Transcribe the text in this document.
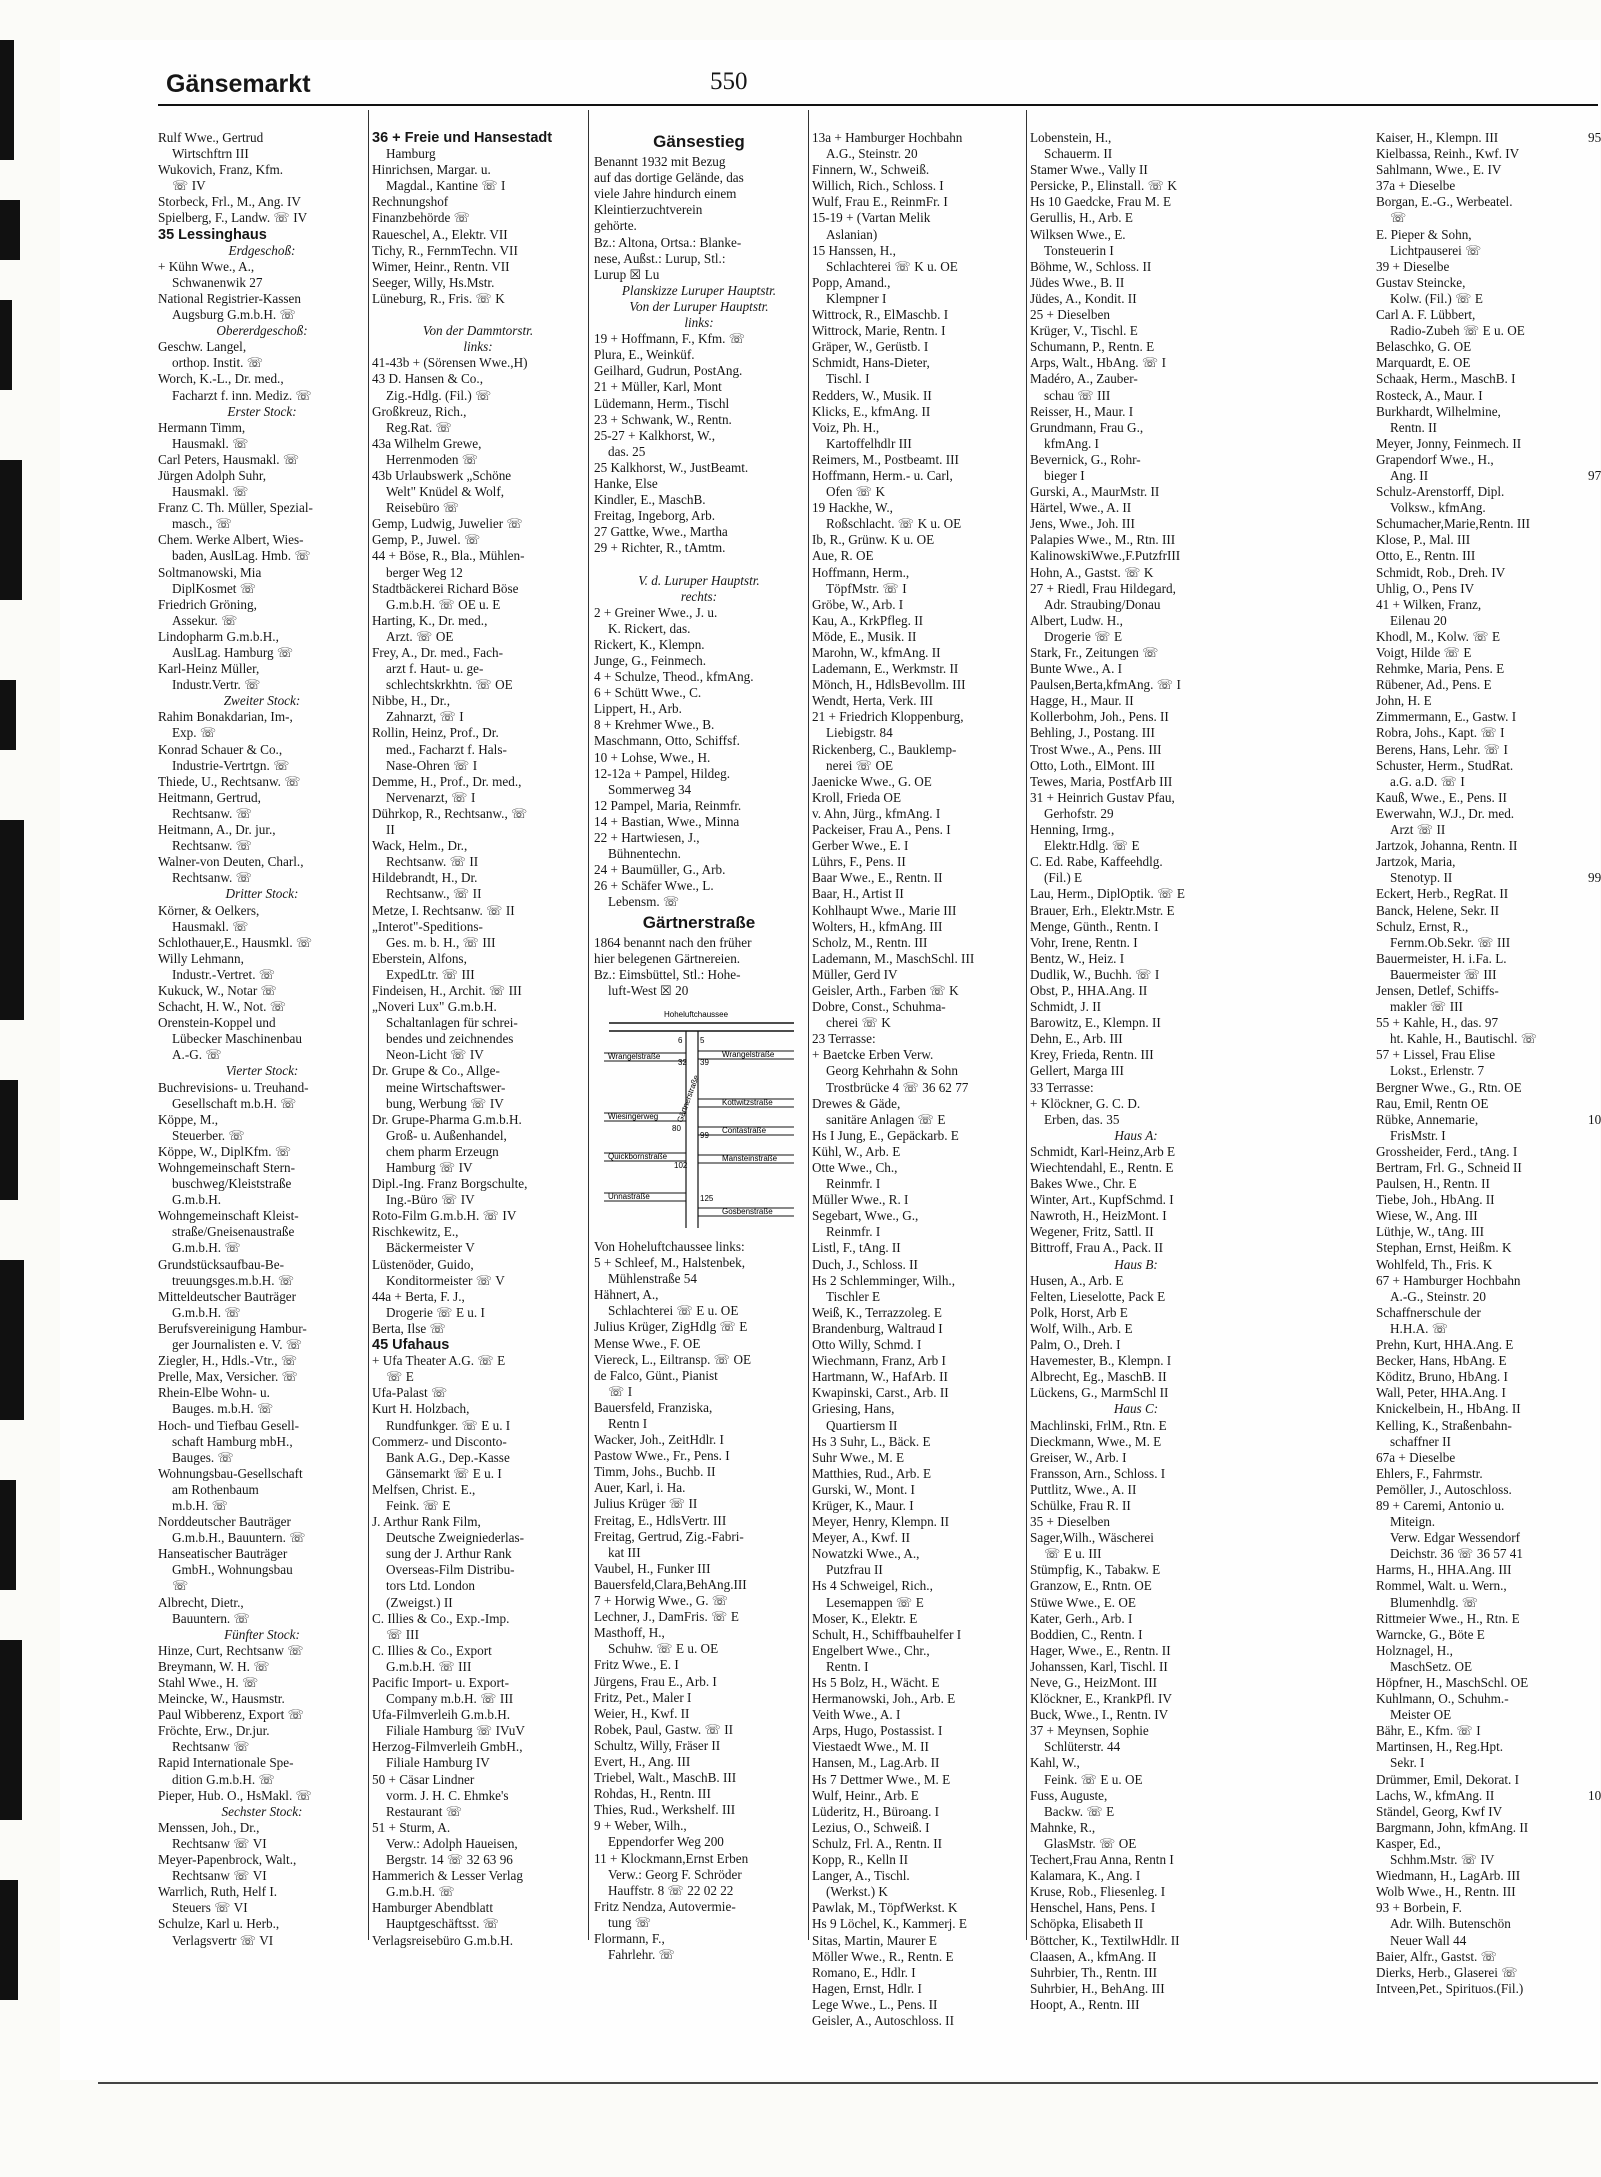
Gänsemarkt	550
Rulf Wwe., Gertrud
Wirtschftrn III
Wukovich, Franz, Kfm.
☏ IV
Storbeck, Frl., M., Ang. IV
Spielberg, F., Landw. ☏ IV
35 Lessinghaus
Erdgeschoß:
+ Kühn Wwe., A.,
Schwanenwik 27
National Registrier-Kassen
Augsburg G.m.b.H. ☏
Obererdgeschoß:
Geschw. Langel,
orthop. Instit. ☏
Worch, K.-L., Dr. med.,
Facharzt f. inn. Mediz. ☏
Erster Stock:
Hermann Timm,
Hausmakl. ☏
Carl Peters, Hausmakl. ☏
Jürgen Adolph Suhr,
Hausmakl. ☏
Franz C. Th. Müller, Spezial-
masch., ☏
Chem. Werke Albert, Wies-
baden, AuslLag. Hmb. ☏
Soltmanowski, Mia
DiplKosmet ☏
Friedrich Gröning,
Assekur. ☏
Lindopharm G.m.b.H.,
AuslLag. Hamburg ☏
Karl-Heinz Müller,
Industr.Vertr. ☏
Zweiter Stock:
Rahim Bonakdarian, Im-,
Exp. ☏
Konrad Schauer & Co.,
Industrie-Vertrtgn. ☏
Thiede, U., Rechtsanw. ☏
Heitmann, Gertrud,
Rechtsanw. ☏
Heitmann, A., Dr. jur.,
Rechtsanw. ☏
Walner-von Deuten, Charl.,
Rechtsanw. ☏
Dritter Stock:
Körner, & Oelkers,
Hausmakl. ☏
Schlothauer,E., Hausmkl. ☏
Willy Lehmann,
Industr.-Vertret. ☏
Kukuck, W., Notar ☏
Schacht, H. W., Not. ☏
Orenstein-Koppel und
Lübecker Maschinenbau
A.-G. ☏
Vierter Stock:
Buchrevisions- u. Treuhand-
Gesellschaft m.b.H. ☏
Köppe, M.,
Steuerber. ☏
Köppe, W., DiplKfm. ☏
Wohngemeinschaft Stern-
buschweg/Kleiststraße
G.m.b.H.
Wohngemeinschaft Kleist-
straße/Gneisenaustraße
G.m.b.H. ☏
Grundstücksaufbau-Be-
treuungsges.m.b.H. ☏
Mitteldeutscher Bauträger
G.m.b.H. ☏
Berufsvereinigung Hambur-
ger Journalisten e. V. ☏
Ziegler, H., Hdls.-Vtr., ☏
Prelle, Max, Versicher. ☏
Rhein-Elbe Wohn- u.
Bauges. m.b.H. ☏
Hoch- und Tiefbau Gesell-
schaft Hamburg mbH.,
Bauges. ☏
Wohnungsbau-Gesellschaft
am Rothenbaum
m.b.H. ☏
Norddeutscher Bauträger
G.m.b.H., Bauuntern. ☏
Hanseatischer Bauträger
GmbH., Wohnungsbau
☏
Albrecht, Dietr.,
Bauuntern. ☏
Fünfter Stock:
Hinze, Curt, Rechtsanw ☏
Breymann, W. H. ☏
Stahl Wwe., H. ☏
Meincke, W., Hausmstr.
Paul Wibberenz, Export ☏
Fröchte, Erw., Dr.jur.
Rechtsanw ☏
Rapid Internationale Spe-
dition G.m.b.H. ☏
Pieper, Hub. O., HsMakl. ☏
Sechster Stock:
Menssen, Joh., Dr.,
Rechtsanw ☏ VI
Meyer-Papenbrock, Walt.,
Rechtsanw ☏ VI
Warrlich, Ruth, Helf I.
Steuers ☏ VI
Schulze, Karl u. Herb.,
Verlagsvertr ☏ VI
36 + Freie und Hansestadt
Hamburg
Hinrichsen, Margar. u.
Magdal., Kantine ☏ I
Rechnungshof
Finanzbehörde ☏
Raueschel, A., Elektr. VII
Tichy, R., FernmTechn. VII
Wimer, Heinr., Rentn. VII
Seeger, Willy, Hs.Mstr.
Lüneburg, R., Fris. ☏ K

Von der Dammtorstr.
links:
41-43b + (Sörensen Wwe.,H)
43 D. Hansen & Co.,
Zig.-Hdlg. (Fil.) ☏
Großkreuz, Rich.,
Reg.Rat. ☏
43a Wilhelm Grewe,
Herrenmoden ☏
43b Urlaubswerk „Schöne
Welt" Knüdel & Wolf,
Reisebüro ☏
Gemp, Ludwig, Juwelier ☏
Gemp, P., Juwel. ☏
44 + Böse, R., Bla., Mühlen-
berger Weg 12
Stadtbäckerei Richard Böse
G.m.b.H. ☏ OE u. E
Harting, K., Dr. med.,
Arzt. ☏ OE
Frey, A., Dr. med., Fach-
arzt f. Haut- u. ge-
schlechtskrkhtn. ☏ OE
Nibbe, H., Dr.,
Zahnarzt, ☏ I
Rollin, Heinz, Prof., Dr.
med., Facharzt f. Hals-
Nase-Ohren ☏ I
Demme, H., Prof., Dr. med.,
Nervenarzt, ☏ I
Dührkop, R., Rechtsanw., ☏
II
Wack, Helm., Dr.,
Rechtsanw. ☏ II
Hildebrandt, H., Dr.
Rechtsanw., ☏ II
Metze, I. Rechtsanw. ☏ II
„Interot"-Speditions-
Ges. m. b. H., ☏ III
Eberstein, Alfons,
ExpedLtr. ☏ III
Findeisen, H., Archit. ☏ III
„Noveri Lux" G.m.b.H.
Schaltanlagen für schrei-
bendes und zeichnendes
Neon-Licht ☏ IV
Dr. Grupe & Co., Allge-
meine Wirtschaftswer-
bung, Werbung ☏ IV
Dr. Grupe-Pharma G.m.b.H.
Groß- u. Außenhandel,
chem pharm Erzeugn
Hamburg ☏ IV
Dipl.-Ing. Franz Borgschulte,
Ing.-Büro ☏ IV
Roto-Film G.m.b.H. ☏ IV
Rischkewitz, E.,
Bäckermeister V
Lüstenöder, Guido,
Konditormeister ☏ V
44a + Berta, F. J.,
Drogerie ☏ E u. I
Berta, Ilse ☏
45 Ufahaus
+ Ufa Theater A.G. ☏ E
☏ E
Ufa-Palast ☏
Kurt H. Holzbach,
Rundfunkger. ☏ E u. I
Commerz- und Disconto-
Bank A.G., Dep.-Kasse
Gänsemarkt ☏ E u. I
Melfsen, Christ. E.,
Feink. ☏ E
J. Arthur Rank Film,
Deutsche Zweigniederlas-
sung der J. Arthur Rank
Overseas-Film Distribu-
tors Ltd. London
(Zweigst.) II
C. Illies & Co., Exp.-Imp.
☏ III
C. Illies & Co., Export
G.m.b.H. ☏ III
Pacific Import- u. Export-
Company m.b.H. ☏ III
Ufa-Filmverleih G.m.b.H.
Filiale Hamburg ☏ IVuV
Herzog-Filmverleih GmbH.,
Filiale Hamburg IV
50 + Cäsar Lindner
vorm. J. H. C. Ehmke's
Restaurant ☏
51 + Sturm, A.
Verw.: Adolph Haueisen,
Bergstr. 14 ☏ 32 63 96
Hammerich & Lesser Verlag
G.m.b.H. ☏
Hamburger Abendblatt
Hauptgeschäftsst. ☏
Verlagsreisebüro G.m.b.H.
Gänsestieg
Benannt 1932 mit Bezug
auf das dortige Gelände, das
viele Jahre hindurch einem
Kleintierzuchtverein
gehörte.
Bz.: Altona, Ortsa.: Blanke-
nese, Außst.: Lurup, Stl.:
Lurup ☒ Lu
Planskizze Luruper Hauptstr.
Von der Luruper Hauptstr.
links:
19 + Hoffmann, F., Kfm. ☏
Plura, E., Weinküf.
Geilhard, Gudrun, PostAng.
21 + Müller, Karl, Mont
Lüdemann, Herm., Tischl
23 + Schwank, W., Rentn.
25-27 + Kalkhorst, W.,
das. 25
25 Kalkhorst, W., JustBeamt.
Hanke, Else
Kindler, E., MaschB.
Freitag, Ingeborg, Arb.
27 Gattke, Wwe., Martha
29 + Richter, R., tAmtm.

V. d. Luruper Hauptstr.
rechts:
2 + Greiner Wwe., J. u.
K. Rickert, das.
Rickert, K., Klempn.
Junge, G., Feinmech.
4 + Schulze, Theod., kfmAng.
6 + Schütt Wwe., C.
Lippert, H., Arb.
8 + Krehmer Wwe., B.
Maschmann, Otto, Schiffsf.
10 + Lohse, Wwe., H.
12-12a + Pampel, Hildeg.
Sommerweg 34
12 Pampel, Maria, Reinmfr.
14 + Bastian, Wwe., Minna
22 + Hartwiesen, J.,
Bühnentechn.
24 + Baumüller, G., Arb.
26 + Schäfer Wwe., L.
Lebensm. ☏
Gärtnerstraße
1864 benannt nach den früher
hier belegenen Gärtnereien.
Bz.: Eimsbüttel, Stl.: Hohe-
luft-West ☒ 20
Hoheluftchaussee
Gärtnerstraße
Wrangelstraße
Wiesingerweg
Quickbornstraße
Unnastraße
Wrangelstraße
Kottwitzstraße
Contastraße
Mansteinstraße
Gosbenstraße
6 5
32 39
80
99
102
125
Von Hoheluftchaussee links:
5 + Schleef, M., Halstenbek,
Mühlenstraße 54
Hähnert, A.,
Schlachterei ☏ E u. OE
Julius Krüger, ZigHdlg ☏ E
Mense Wwe., F. OE
Viereck, L., Eiltransp. ☏ OE
de Falco, Günt., Pianist
☏ I
Bauersfeld, Franziska,
Rentn I
Wacker, Joh., ZeitHdlr. I
Pastow Wwe., Fr., Pens. I
Timm, Johs., Buchb. II
Auer, Karl, i. Ha.
Julius Krüger ☏ II
Freitag, E., HdlsVertr. III
Freitag, Gertrud, Zig.-Fabri-
kat III
Vaubel, H., Funker III
Bauersfeld,Clara,BehAng.III
7 + Horwig Wwe., G. ☏
Lechner, J., DamFris. ☏ E
Masthoff, H.,
Schuhw. ☏ E u. OE
Fritz Wwe., E. I
Jürgens, Frau E., Arb. I
Fritz, Pet., Maler I
Weier, H., Kwf. II
Robek, Paul, Gastw. ☏ II
Schultz, Willy, Fräser II
Evert, H., Ang. III
Triebel, Walt., MaschB. III
Rohdas, H., Rentn. III
Thies, Rud., Werkshelf. III
9 + Weber, Wilh.,
Eppendorfer Weg 200
11 + Klockmann,Ernst Erben
Verw.: Georg F. Schröder
Hauffstr. 8 ☏ 22 02 22
Fritz Nendza, Autovermie-
tung ☏
Flormann, F.,
Fahrlehr. ☏
13a + Hamburger Hochbahn
A.G., Steinstr. 20
Finnern, W., Schweiß.
Willich, Rich., Schloss. I
Wulf, Frau E., ReinmFr. I
15-19 + (Vartan Melik
Aslanian)
15 Hanssen, H.,
Schlachterei ☏ K u. OE
Popp, Amand.,
Klempner I
Wittrock, R., ElMaschb. I
Wittrock, Marie, Rentn. I
Gräper, W., Gerüstb. I
Schmidt, Hans-Dieter,
Tischl. I
Redders, W., Musik. II
Klicks, E., kfmAng. II
Voiz, Ph. H.,
Kartoffelhdlr III
Reimers, M., Postbeamt. III
Hoffmann, Herm.- u. Carl,
Ofen ☏ K
19 Hackhe, W.,
Roßschlacht. ☏ K u. OE
Ib, R., Grünw. K u. OE
Aue, R. OE
Hoffmann, Herm.,
TöpfMstr. ☏ I
Gröbe, W., Arb. I
Kau, A., KrkPfleg. II
Möde, E., Musik. II
Marohn, W., kfmAng. II
Lademann, E., Werkmstr. II
Mönch, H., HdlsBevollm. III
Wendt, Herta, Verk. III
21 + Friedrich Kloppenburg,
Liebigstr. 84
Rickenberg, C., Bauklemp-
nerei ☏ OE
Jaenicke Wwe., G. OE
Kroll, Frieda OE
v. Ahn, Jürg., kfmAng. I
Packeiser, Frau A., Pens. I
Gerber Wwe., E. I
Lührs, F., Pens. II
Baar Wwe., E., Rentn. II
Baar, H., Artist II
Kohlhaupt Wwe., Marie III
Wolters, H., kfmAng. III
Scholz, M., Rentn. III
Lademann, M., MaschSchl. III
Müller, Gerd IV
Geisler, Arth., Farben ☏ K
Dobre, Const., Schuhma-
cherei ☏ K
23 Terrasse:
+ Baetcke Erben Verw.
Georg Kehrhahn & Sohn
Trostbrücke 4 ☏ 36 62 77
Drewes & Gäde,
sanitäre Anlagen ☏ E
Hs I Jung, E., Gepäckarb. E
Kühl, W., Arb. E
Otte Wwe., Ch.,
Reinmfr. I
Müller Wwe., R. I
Segebart, Wwe., G.,
Reinmfr. I
Listl, F., tAng. II
Duch, J., Schloss. II
Hs 2 Schlemminger, Wilh.,
Tischler E
Weiß, K., Terrazzoleg. E
Brandenburg, Waltraud I
Otto Willy, Schmd. I
Wiechmann, Franz, Arb I
Hartmann, W., HafArb. II
Kwapinski, Carst., Arb. II
Griesing, Hans,
Quartiersm II
Hs 3 Suhr, L., Bäck. E
Suhr Wwe., M. E
Matthies, Rud., Arb. E
Gurski, W., Mont. I
Krüger, K., Maur. I
Meyer, Henry, Klempn. II
Meyer, A., Kwf. II
Nowatzki Wwe., A.,
Putzfrau II
Hs 4 Schweigel, Rich.,
Lesemappen ☏ E
Moser, K., Elektr. E
Schult, H., Schiffbauhelfer I
Engelbert Wwe., Chr.,
Rentn. I
Hs 5 Bolz, H., Wächt. E
Hermanowski, Joh., Arb. E
Veith Wwe., A. I
Arps, Hugo, Postassist. I
Viestaedt Wwe., M. II
Hansen, M., Lag.Arb. II
Hs 7 Dettmer Wwe., M. E
Wulf, Heinr., Arb. E
Lüderitz, H., Büroang. I
Lezius, O., Schweiß. I
Schulz, Frl. A., Rentn. II
Kopp, R., Kelln II
Langer, A., Tischl.
(Werkst.) K
Pawlak, M., TöpfWerkst. K
Hs 9 Löchel, K., Kammerj. E
Sitas, Martin, Maurer E
Möller Wwe., R., Rentn. E
Romano, E., Hdlr. I
Hagen, Ernst, Hdlr. I
Lege Wwe., L., Pens. II
Geisler, A., Autoschloss. II
Lobenstein, H.,
Schauerm. II
Stamer Wwe., Vally II
Persicke, P., Elinstall. ☏ K
Hs 10 Gaedcke, Frau M. E
Gerullis, H., Arb. E
Wilksen Wwe., E.
Tonsteuerin I
Böhme, W., Schloss. II
Jüdes Wwe., B. II
Jüdes, A., Kondit. II
25 + Dieselben
Krüger, V., Tischl. E
Schumann, P., Rentn. E
Arps, Walt., HbAng. ☏ I
Madéro, A., Zauber-
schau ☏ III
Reisser, H., Maur. I
Grundmann, Frau G.,
kfmAng. I
Bevernick, G., Rohr-
bieger I
Gurski, A., MaurMstr. II
Härtel, Wwe., A. II
Jens, Wwe., Joh. III
Palapies Wwe., M., Rtn. III
KalinowskiWwe.,F.PutzfrIII
Hohn, A., Gastst. ☏ K
27 + Riedl, Frau Hildegard,
Adr. Straubing/Donau
Albert, Ludw. H.,
Drogerie ☏ E
Stark, Fr., Zeitungen ☏
Bunte Wwe., A. I
Paulsen,Berta,kfmAng. ☏ I
Hagge, H., Maur. II
Kollerbohm, Joh., Pens. II
Behling, J., Postang. III
Trost Wwe., A., Pens. III
Otto, Loth., ElMont. III
Tewes, Maria, PostfArb III
31 + Heinrich Gustav Pfau,
Gerhofstr. 29
Henning, Irmg.,
Elektr.Hdlg. ☏ E
C. Ed. Rabe, Kaffeehdlg.
(Fil.) E
Lau, Herm., DiplOptik. ☏ E
Brauer, Erh., Elektr.Mstr. E
Menge, Günth., Rentn. I
Vohr, Irene, Rentn. I
Bentz, W., Heiz. I
Dudlik, W., Buchh. ☏ I
Obst, P., HHA.Ang. II
Schmidt, J. II
Barowitz, E., Klempn. II
Dehn, E., Arb. III
Krey, Frieda, Rentn. III
Gellert, Marga III
33 Terrasse:
+ Klöckner, G. C. D.
Erben, das. 35
Haus A:
Schmidt, Karl-Heinz,Arb E
Wiechtendahl, E., Rentn. E
Bakes Wwe., Chr. E
Winter, Art., KupfSchmd. I
Nawroth, H., HeizMont. I
Wegener, Fritz, Sattl. II
Bittroff, Frau A., Pack. II
Haus B:
Husen, A., Arb. E
Felten, Lieselotte, Pack E
Polk, Horst, Arb E
Wolf, Wilh., Arb. E
Palm, O., Dreh. I
Havemester, B., Klempn. I
Albrecht, Eg., MaschB. II
Lückens, G., MarmSchl II
Haus C:
Machlinski, FrlM., Rtn. E
Dieckmann, Wwe., M. E
Greiser, W., Arb. I
Fransson, Arn., Schloss. I
Puttlitz, Wwe., A. II
Schülke, Frau R. II
35 + Dieselben
Sager,Wilh., Wäscherei
☏ E u. III
Stümpfig, K., Tabakw. E
Granzow, E., Rntn. OE
Stüwe Wwe., E. OE
Kater, Gerh., Arb. I
Boddien, C., Rentn. I
Hager, Wwe., E., Rentn. II
Johanssen, Karl, Tischl. II
Neve, G., HeizMont. III
Klöckner, E., KrankPfl. IV
Buck, Wwe., I., Rentn. IV
37 + Meynsen, Sophie
Schlüterstr. 44
Kahl, W.,
Feink. ☏ E u. OE
Fuss, Auguste,
Backw. ☏ E
Mahnke, R.,
GlasMstr. ☏ OE
Techert,Frau Anna, Rentn I
Kalamara, K., Ang. I
Kruse, Rob., Fliesenleg. I
Henschel, Hans, Pens. I
Schöpka, Elisabeth II
Böttcher, K., TextilwHdlr. II
Claasen, A., kfmAng. II
Suhrbier, Th., Rentn. III
Suhrbier, H., BehAng. III
Hoopt, A., Rentn. III
Kaiser, H., Klempn. III
Kielbassa, Reinh., Kwf. IV
Sahlmann, Wwe., E. IV
37a + Dieselbe
Borgan, E.-G., Werbeatel.
☏
E. Pieper & Sohn,
Lichtpauserei ☏
39 + Dieselbe
Gustav Steincke,
Kolw. (Fil.) ☏ E
Carl A. F. Lübbert,
Radio-Zubeh ☏ E u. OE
Belaschko, G. OE
Marquardt, E. OE
Schaak, Herm., MaschB. I
Rosteck, A., Maur. I
Burkhardt, Wilhelmine,
Rentn. II
Meyer, Jonny, Feinmech. II
Grapendorf Wwe., H.,
Ang. II
Schulz-Arenstorff, Dipl.
Volksw., kfmAng.
Schumacher,Marie,Rentn. III
Klose, P., Mal. III
Otto, E., Rentn. III
Schmidt, Rob., Dreh. IV
Uhlig, O., Pens IV
41 + Wilken, Franz,
Eilenau 20
Khodl, M., Kolw. ☏ E
Voigt, Hilde ☏ E
Rehmke, Maria, Pens. E
Rübener, Ad., Pens. E
John, H. E
Zimmermann, E., Gastw. I
Robra, Johs., Kapt. ☏ I
Berens, Hans, Lehr. ☏ I
Schuster, Herm., StudRat.
a.G. a.D. ☏ I
Kauß, Wwe., E., Pens. II
Ewerwahn, W.J., Dr. med.
Arzt ☏ II
Jartzok, Johanna, Rentn. II
Jartzok, Maria,
Stenotyp. II
Eckert, Herb., RegRat. II
Banck, Helene, Sekr. II
Schulz, Ernst, R.,
Fernm.Ob.Sekr. ☏ III
Bauermeister, H. i.Fa. L.
Bauermeister ☏ III
Jensen, Detlef, Schiffs-
makler ☏ III
55 + Kahle, H., das. 97
ht. Kahle, H., Bautischl. ☏
57 + Lissel, Frau Elise
Lokst., Erlenstr. 7
Bergner Wwe., G., Rtn. OE
Rau, Emil, Rentn OE
Rübke, Annemarie,
FrisMstr. I
Grossheider, Ferd., tAng. I
Bertram, Frl. G., Schneid II
Paulsen, H., Rentn. II
Tiebe, Joh., HbAng. II
Wiese, W., Ang. III
Lüthje, W., tAng. III
Stephan, Ernst, Heißm. K
Wohlfeld, Th., Fris. K
67 + Hamburger Hochbahn
A.-G., Steinstr. 20
Schaffnerschule der
H.H.A. ☏
Prehn, Kurt, HHA.Ang. E
Becker, Hans, HbAng. E
Köditz, Bruno, HbAng. I
Wall, Peter, HHA.Ang. I
Knickelbein, H., HbAng. II
Kelling, K., Straßenbahn-
schaffner II
67a + Dieselbe
Ehlers, F., Fahrmstr.
Pemöller, J., Autoschloss.
89 + Caremi, Antonio u.
Miteign.
Verw. Edgar Wessendorf
Deichstr. 36 ☏ 36 57 41
Harms, H., HHA.Ang. III
Rommel, Walt. u. Wern.,
Blumenhdlg. ☏
Rittmeier Wwe., H., Rtn. E
Warncke, G., Böte E
Holznagel, H.,
MaschSetz. OE
Höpfner, H., MaschSchl. OE
Kuhlmann, O., Schuhm.-
Meister OE
Bähr, E., Kfm. ☏ I
Martinsen, H., Reg.Hpt.
Sekr. I
Drümmer, Emil, Dekorat. I
Lachs, W., kfmAng. II
Ständel, Georg, Kwf IV
Bargmann, John, kfmAng. II
Kasper, Ed.,
Schhm.Mstr. ☏ IV
Wiedmann, H., LagArb. III
Wolb Wwe., H., Rentn. III
93 + Borbein, F.
Adr. Wilh. Butenschön
Neuer Wall 44
Baier, Alfr., Gastst. ☏
Dierks, Herb., Glaserei ☏
Intveen,Pet., Spirituos.(Fil.)
95

97

99

10

10
